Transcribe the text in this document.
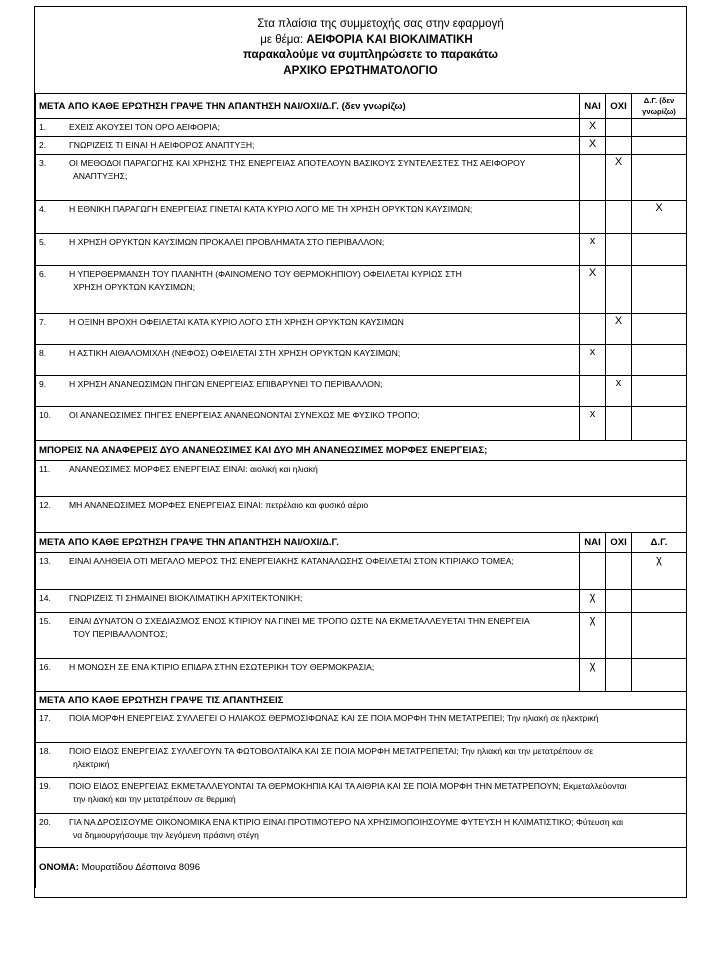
Στα πλαίσια της συμμετοχής σας στην εφαρμογή
με θέμα: ΑΕΙΦΟΡΙΑ ΚΑΙ ΒΙΟΚΛΙΜΑΤΙΚΗ
παρακαλούμε να συμπληρώσετε το παρακάτω
ΑΡΧΙΚΟ ΕΡΩΤΗΜΑΤΟΛΟΓΙΟ
ΜΕΤΑ ΑΠΟ ΚΑΘΕ ΕΡΩΤΗΣΗ ΓΡΑΨΕ ΤΗΝ ΑΠΑΝΤΗΣΗ ΝΑΙ/ΟΧΙ/Δ.Γ. (δεν γνωρίζω)	ΝΑΙ	ΟΧΙ	Δ.Γ. (δεν γνωρίζω)
1. ΕΧΕΙΣ ΑΚΟΥΣΕΙ ΤΟΝ ΟΡΟ ΑΕΙΦΟΡΙΑ;	Χ		
2. ΓΝΩΡΙΖΕΙΣ ΤΙ ΕΙΝΑΙ Η ΑΕΙΦΟΡΟΣ ΑΝΑΠΤΥΞΗ;	Χ		
3. ΟΙ ΜΕΘΟΔΟΙ ΠΑΡΑΓΩΓΗΣ ΚΑΙ ΧΡΗΣΗΣ ΤΗΣ ΕΝΕΡΓΕΙΑΣ ΑΠΟΤΕΛΟΥΝ ΒΑΣΙΚΟΥΣ ΣΥΝΤΕΛΕΣΤΕΣ ΤΗΣ ΑΕΙΦΟΡΟΥ
ΑΝΑΠΤΥΞΗΣ;		Χ	
4. Η ΕΘΝΙΚΗ ΠΑΡΑΓΩΓΗ ΕΝΕΡΓΕΙΑΣ ΓΙΝΕΤΑΙ ΚΑΤΑ ΚΥΡΙΟ ΛΟΓΟ ΜΕ ΤΗ ΧΡΗΣΗ ΟΡΥΚΤΩΝ ΚΑΥΣΙΜΩΝ;			Χ
5. Η ΧΡΗΣΗ ΟΡΥΚΤΩΝ ΚΑΥΣΙΜΩΝ ΠΡΟΚΑΛΕΙ ΠΡΟΒΛΗΜΑΤΑ ΣΤΟ ΠΕΡΙΒΑΛΛΟΝ;	x		
6. Η ΥΠΕΡΘΕΡΜΑΝΣΗ ΤΟΥ ΠΛΑΝΗΤΗ (ΦΑΙΝΟΜΕΝΟ ΤΟΥ ΘΕΡΜΟΚΗΠΙΟΥ) ΟΦΕΙΛΕΤΑΙ ΚΥΡΙΩΣ ΣΤΗ
ΧΡΗΣΗ ΟΡΥΚΤΩΝ ΚΑΥΣΙΜΩΝ;	Χ		
7. Η ΟΞΙΝΗ ΒΡΟΧΗ ΟΦΕΙΛΕΤΑΙ ΚΑΤΑ ΚΥΡΙΟ ΛΟΓΟ ΣΤΗ ΧΡΗΣΗ ΟΡΥΚΤΩΝ ΚΑΥΣΙΜΩΝ		Χ	
8. Η ΑΣΤΙΚΗ ΑΙΘΑΛΟΜΙΧΛΗ (ΝΕΦΟΣ) ΟΦΕΙΛΕΤΑΙ ΣΤΗ ΧΡΗΣΗ ΟΡΥΚΤΩΝ ΚΑΥΣΙΜΩΝ;	x		
9. Η ΧΡΗΣΗ ΑΝΑΝΕΩΣΙΜΩΝ ΠΗΓΩΝ ΕΝΕΡΓΕΙΑΣ ΕΠΙΒΑΡΥΝΕΙ ΤΟ ΠΕΡΙΒΑΛΛΟΝ;		x	
10. ΟΙ ΑΝΑΝΕΩΣΙΜΕΣ ΠΗΓΕΣ ΕΝΕΡΓΕΙΑΣ ΑΝΑΝΕΩΝΟΝΤΑΙ ΣΥΝΕΧΩΣ ΜΕ ΦΥΣΙΚΟ ΤΡΟΠΟ;	x		
ΜΠΟΡΕΙΣ ΝΑ ΑΝΑΦΕΡΕΙΣ ΔΥΟ ΑΝΑΝΕΩΣΙΜΕΣ ΚΑΙ ΔΥΟ ΜΗ ΑΝΑΝΕΩΣΙΜΕΣ ΜΟΡΦΕΣ ΕΝΕΡΓΕΙΑΣ;			
11. ΑΝΑΝΕΩΣΙΜΕΣ ΜΟΡΦΕΣ ΕΝΕΡΓΕΙΑΣ ΕΙΝΑΙ: αιολική και ηλιακή			
12. ΜΗ ΑΝΑΝΕΩΣΙΜΕΣ ΜΟΡΦΕΣ ΕΝΕΡΓΕΙΑΣ ΕΙΝΑΙ: πετρέλαιο και φυσικό αέριο			
ΜΕΤΑ ΑΠΟ ΚΑΘΕ ΕΡΩΤΗΣΗ ΓΡΑΨΕ ΤΗΝ ΑΠΑΝΤΗΣΗ ΝΑΙ/ΟΧΙ/Δ.Γ.	ΝΑΙ	ΟΧΙ	Δ.Γ.
13. ΕΙΝΑΙ ΑΛΗΘΕΙΑ ΟΤΙ ΜΕΓΑΛΟ ΜΕΡΟΣ ΤΗΣ ΕΝΕΡΓΕΙΑΚΗΣ ΚΑΤΑΝΑΛΩΣΗΣ ΟΦΕΙΛΕΤΑΙ ΣΤΟΝ ΚΤΙΡΙΑΚΟ ΤΟΜΕΑ;			χ
14. ΓΝΩΡΙΖΕΙΣ ΤΙ ΣΗΜΑΙΝΕΙ ΒΙΟΚΛΙΜΑΤΙΚΗ ΑΡΧΙΤΕΚΤΟΝΙΚΗ;	χ		
15. ΕΙΝΑΙ ΔΥΝΑΤΟΝ Ο ΣΧΕΔΙΑΣΜΟΣ ΕΝΟΣ ΚΤΙΡΙΟΥ ΝΑ ΓΙΝΕΙ ΜΕ ΤΡΟΠΟ ΩΣΤΕ ΝΑ ΕΚΜΕΤΑΛΛΕΥΕΤΑΙ ΤΗΝ ΕΝΕΡΓΕΙΑ
ΤΟΥ ΠΕΡΙΒΑΛΛΟΝΤΟΣ;	χ		
16. Η ΜΟΝΩΣΗ ΣΕ ΕΝΑ ΚΤΙΡΙΟ ΕΠΙΔΡΑ ΣΤΗΝ ΕΣΩΤΕΡΙΚΗ ΤΟΥ ΘΕΡΜΟΚΡΑΣΙΑ;	χ		
ΜΕΤΑ ΑΠΟ ΚΑΘΕ ΕΡΩΤΗΣΗ ΓΡΑΨΕ ΤΙΣ ΑΠΑΝΤΗΣΕΙΣ			
17. ΠΟΙΑ ΜΟΡΦΗ ΕΝΕΡΓΕΙΑΣ ΣΥΛΛΕΓΕΙ Ο ΗΛΙΑΚΟΣ ΘΕΡΜΟΣΙΦΩΝΑΣ ΚΑΙ ΣΕ ΠΟΙΑ ΜΟΡΦΗ ΤΗΝ ΜΕΤΑΤΡΕΠΕΙ; Την ηλιακή σε ηλεκτρική			
18. ΠΟΙΟ ΕΙΔΟΣ ΕΝΕΡΓΕΙΑΣ ΣΥΛΛΕΓΟΥΝ ΤΑ ΦΩΤΟΒΟΛΤΑΪΚΑ ΚΑΙ ΣΕ ΠΟΙΑ ΜΟΡΦΗ ΜΕΤΑΤΡΕΠΕΤΑΙ; Την ηλιακή και την μετατρέπουν σε
ηλεκτρική			

19. ΠΟΙΟ ΕΙΔΟΣ ΕΝΕΡΓΕΙΑΣ ΕΚΜΕΤΑΛΛΕΥΟΝΤΑΙ ΤΑ ΘΕΡΜΟΚΗΠΙΑ ΚΑΙ ΤΑ ΑΙΘΡΙΑ ΚΑΙ ΣΕ ΠΟΙΑ ΜΟΡΦΗ ΤΗΝ ΜΕΤΑΤΡΕΠΟΥΝ; Εκμεταλλεύονται
την ηλιακή και την μετατρέπουν σε θερμική			

20. ΓΙΑ ΝΑ ΔΡΟΣΙΣΟΥΜΕ ΟΙΚΟΝΟΜΙΚΑ ΕΝΑ ΚΤΙΡΙΟ ΕΙΝΑΙ ΠΡΟΤΙΜΟΤΕΡΟ ΝΑ ΧΡΗΣΙΜΟΠΟΙΗΣΟΥΜΕ ΦΥΤΕΥΣΗ Η ΚΛΙΜΑΤΙΣΤΙΚΟ; Φύτευση και
να δημιουργήσουμε την λεγόμενη πράσινη στέγη			

ΟΝΟΜΑ: Μουρατίδου Δέσποινα 8096			
